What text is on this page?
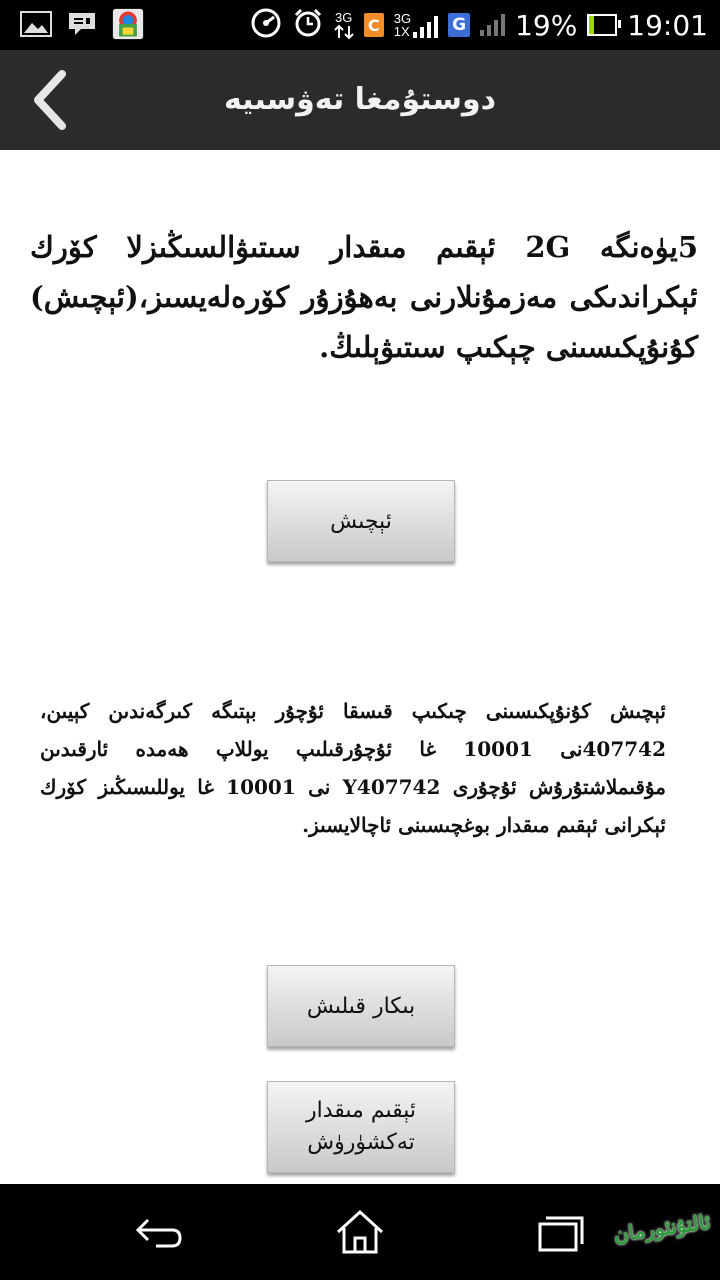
3G C	3G
1X G 19% 19:01
دوستۇمغا تەۋسىيە
5يۈەنگە 2G ئېقىم مىقدار سىتىۋالسىڭىزلا كۆرك ئېكراندىكى مەزمۇنلارنى بەھۇزۇر كۆرەلەيسىز،(ئېچىش) كۇنۇپكىسىنى چېكىپ سىتىۋېلىڭ.
ئېچىش
ئېچىش كۇنۇپكىسىنى چىكىپ قىسقا ئۇچۇر بېتىگە كىرگەندىن كېيىن، 407742نى 10001 غا ئۇچۇرقىلىپ يوللاپ ھەمدە ئارقىدىن مۇقىملاشتۇرۇش ئۇچۇرى Y407742 نى 10001 غا يوللىسىڭىز كۆرك ئېكرانى ئېقىم مىقدار بوغچىسىنى ئاچالايسىز.
بىكار قىلىش
ئېقىم مىقدار
تەكشۈرۈش
ئالتۇنئورمان
